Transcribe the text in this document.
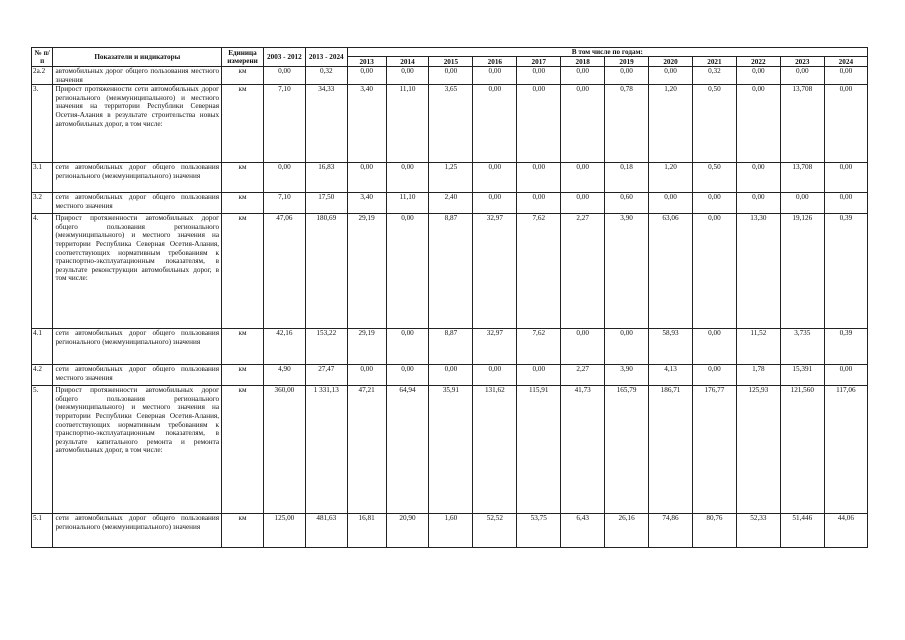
№ п/п	Показатели и индикаторы	Единица измерени	2003 - 2012	2013 - 2024	В том числе по годам:											
					2013	2014	2015	2016	2017	2018	2019	2020	2021	2022	2023	2024
2а.2	автомобильных дорог общего пользования местного значения	км	0,00	0,32	0,00	0,00	0,00	0,00	0,00	0,00	0,00	0,00	0,32	0,00	0,00	0,00
3.	Прирост протяженности сети автомобильных дорог регионального (межмуниципального) и местного значения на территории Республики Северная Осетия-Алания в результате строительства новых автомобильных дорог, в том числе:	км	7,10	34,33	3,40	11,10	3,65	0,00	0,00	0,00	0,78	1,20	0,50	0,00	13,708	0,00
3.1	сети автомобильных дорог общего пользования регионального (межмуниципального) значения	км	0,00	16,83	0,00	0,00	1,25	0,00	0,00	0,00	0,18	1,20	0,50	0,00	13,708	0,00
3.2	сети автомобильных дорог общего пользования местного значения	км	7,10	17,50	3,40	11,10	2,40	0,00	0,00	0,00	0,60	0,00	0,00	0,00	0,00	0,00
4.	Прирост протяженности автомобильных дорог общего пользования регионального (межмуниципального) и местного значения на территории Республика Северная Осетия-Алания, соответствующих нормативным требованиям к транспортно-эксплуатационным показателям, в результате реконструкции автомобильных дорог, в том числе:	км	47,06	180,69	29,19	0,00	8,87	32,97	7,62	2,27	3,90	63,06	0,00	13,30	19,126	0,39
4.1	сети автомобильных дорог общего пользования регионального (межмуниципального) значения	км	42,16	153,22	29,19	0,00	8,87	32,97	7,62	0,00	0,00	58,93	0,00	11,52	3,735	0,39
4.2	сети автомобильных дорог общего пользования местного значения	км	4,90	27,47	0,00	0,00	0,00	0,00	0,00	2,27	3,90	4,13	0,00	1,78	15,391	0,00
5.	Прирост протяженности автомобильных дорог общего пользования регионального (межмуниципального) и местного значения на территории Республики Северная Осетия-Алания, соответствующих нормативным требованиям к транспортно-эксплуатационным показателям, в результате капитального ремонта и ремонта автомобильных дорог, в том числе:	км	360,00	1 331,13	47,21	64,94	35,91	131,62	115,91	41,73	165,79	186,71	176,77	125,93	121,560	117,06
5.1	сети автомобильных дорог общего пользования регионального (межмуниципального) значения	км	125,00	481,63	16,81	20,90	1,60	52,52	53,75	6,43	26,16	74,86	80,76	52,33	51,446	44,06
